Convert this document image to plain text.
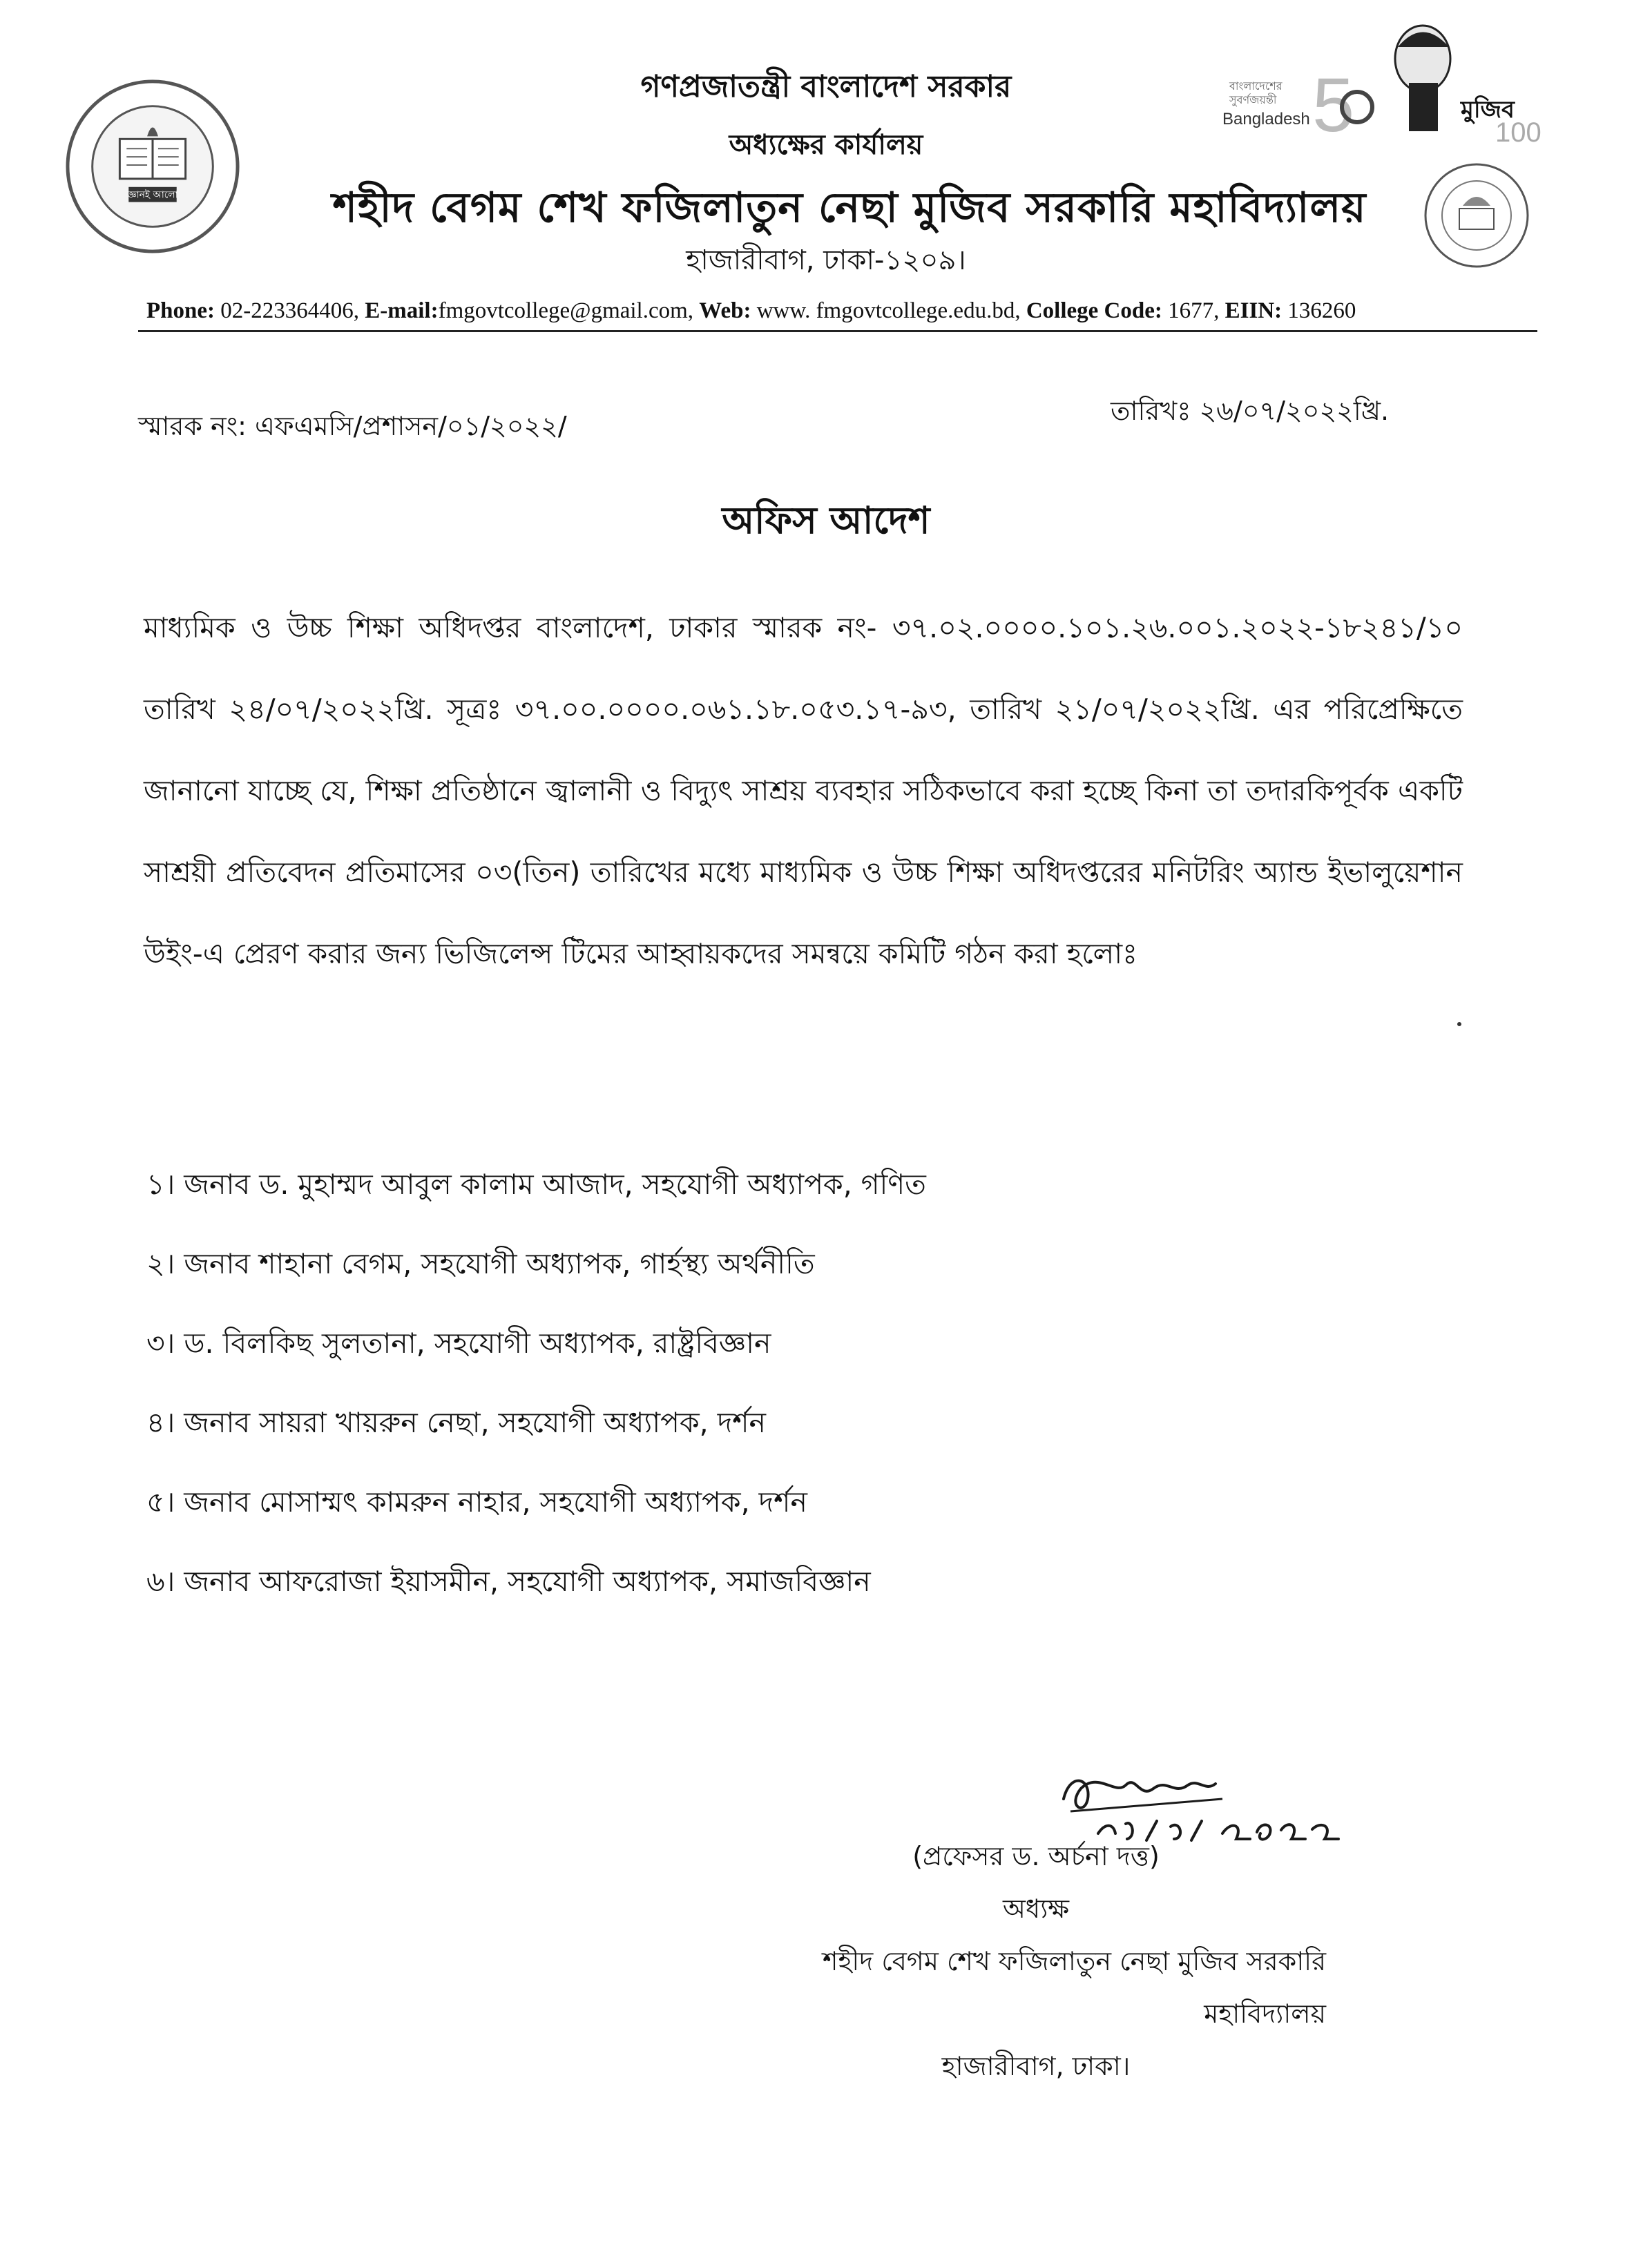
জ্ঞানই আলো
বাংলাদেশের
সুবর্ণজয়ন্তী
Bangladesh 5	মুজিব
100
গণপ্রজাতন্ত্রী বাংলাদেশ সরকার
অধ্যক্ষের কার্যালয়
শহীদ বেগম শেখ ফজিলাতুন নেছা মুজিব সরকারি মহাবিদ্যালয়
হাজারীবাগ, ঢাকা-১২০৯।
Phone: 02-223364406, E-mail:fmgovtcollege@gmail.com, Web: www. fmgovtcollege.edu.bd, College Code: 1677, EIIN: 136260
স্মারক নং: এফএমসি/প্রশাসন/০১/২০২২/	তারিখঃ ২৬/০৭/২০২২খ্রি.
অফিস আদেশ
মাধ্যমিক ও উচ্চ শিক্ষা অধিদপ্তর বাংলাদেশ, ঢাকার স্মারক নং- ৩৭.০২.০০০০.১০১.২৬.০০১.২০২২-১৮২৪১/১০ তারিখ ২৪/০৭/২০২২খ্রি. সূত্রঃ ৩৭.০০.০০০০.০৬১.১৮.০৫৩.১৭-৯৩, তারিখ ২১/০৭/২০২২খ্রি. এর পরিপ্রেক্ষিতে জানানো যাচ্ছে যে, শিক্ষা প্রতিষ্ঠানে জ্বালানী ও বিদ্যুৎ সাশ্রয় ব্যবহার সঠিকভাবে করা হচ্ছে কিনা তা তদারকিপূর্বক একটি সাশ্রয়ী প্রতিবেদন প্রতিমাসের ০৩(তিন) তারিখের মধ্যে মাধ্যমিক ও উচ্চ শিক্ষা অধিদপ্তরের মনিটরিং অ্যান্ড ইভালুয়েশান উইং-এ প্রেরণ করার জন্য ভিজিলেন্স টিমের আহ্বায়কদের সমন্বয়ে কমিটি গঠন করা হলোঃ
১। জনাব ড. মুহাম্মদ আবুল কালাম আজাদ, সহযোগী অধ্যাপক, গণিত
২। জনাব শাহানা বেগম, সহযোগী অধ্যাপক, গার্হস্থ্য অর্থনীতি
৩। ড. বিলকিছ সুলতানা, সহযোগী অধ্যাপক, রাষ্ট্রবিজ্ঞান
৪। জনাব সায়রা খায়রুন নেছা, সহযোগী অধ্যাপক, দর্শন
৫। জনাব মোসাম্মৎ কামরুন নাহার, সহযোগী অধ্যাপক, দর্শন
৬। জনাব আফরোজা ইয়াসমীন, সহযোগী অধ্যাপক, সমাজবিজ্ঞান
(প্রফেসর ড. অর্চনা দত্ত)
অধ্যক্ষ
শহীদ বেগম শেখ ফজিলাতুন নেছা মুজিব সরকারি মহাবিদ্যালয়
হাজারীবাগ, ঢাকা।
